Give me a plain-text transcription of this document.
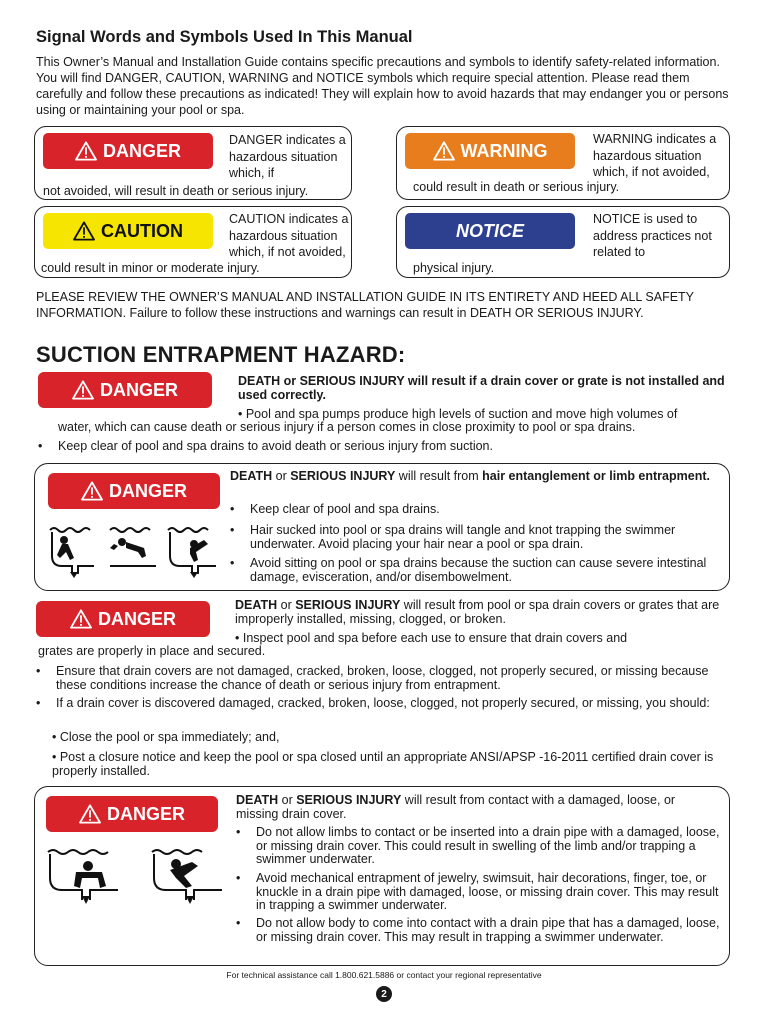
Signal Words and Symbols Used In This Manual
This Owner’s Manual and Installation Guide contains specific precautions and symbols to identify safety-related information. You will find DANGER, CAUTION, WARNING and NOTICE symbols which require special attention. Please read them carefully and follow these precautions as indicated! They will explain how to avoid hazards that may endanger you or persons using or maintaining your pool or spa.
DANGER
DANGER indicates a hazardous situation which, if
not avoided, will result in death or serious injury.
WARNING
WARNING indicates a hazardous situation which, if not avoided,
could result in death or serious injury.
CAUTION
CAUTION indicates a hazardous situation which, if not avoided,
could result in minor or moderate injury.
NOTICE
NOTICE is used to address practices not related to
physical injury.
PLEASE REVIEW THE OWNER’S MANUAL AND INSTALLATION GUIDE IN ITS ENTIRETY AND HEED ALL SAFETY INFORMATION. Failure to follow these instructions and warnings can result in DEATH OR SERIOUS INJURY.
SUCTION ENTRAPMENT HAZARD:
DANGER	DEATH or SERIOUS INJURY will result if a drain cover or grate is not installed and used correctly.
• Pool and spa pumps produce high levels of suction and move high volumes of
water, which can cause death or serious injury if a person comes in close proximity to pool or spa drains.
•	Keep clear of pool and spa drains to avoid death or serious injury from suction.
DANGER
DEATH or SERIOUS INJURY will result from hair entanglement or limb entrapment.
•	Keep clear of pool and spa drains.
•	Hair sucked into pool or spa drains will tangle and knot trapping the swimmer underwater. Avoid placing your hair near a pool or spa drain.
•	Avoid sitting on pool or spa drains because the suction can cause severe intestinal damage, evisceration, and/or disembowelment.
DANGER
DEATH or SERIOUS INJURY will result from pool or spa drain covers or grates that are improperly installed, missing, clogged, or broken.
• Inspect pool and spa before each use to ensure that drain covers and
grates are properly in place and secured.
•	Ensure that drain covers are not damaged, cracked, broken, loose, clogged, not properly secured, or missing because these conditions increase the chance of death or serious injury from entrapment.
•	If a drain cover is discovered damaged, cracked, broken, loose, clogged, not properly secured, or missing, you should:
• Close the pool or spa immediately; and,
• Post a closure notice and keep the pool or spa closed until an appropriate ANSI/APSP -16-2011 certified drain cover is properly installed.
DANGER
DEATH or SERIOUS INJURY will result from contact with a damaged, loose, or missing drain cover.
•	Do not allow limbs to contact or be inserted into a drain pipe with a damaged, loose, or missing drain cover. This could result in swelling of the limb and/or trapping a swimmer underwater.
•	Avoid mechanical entrapment of jewelry, swimsuit, hair decorations, finger, toe, or knuckle in a drain pipe with damaged, loose, or missing drain cover. This may result in trapping a swimmer underwater.
•	Do not allow body to come into contact with a drain pipe that has a damaged, loose, or missing drain cover. This may result in trapping a swimmer underwater.
For technical assistance call 1.800.621.5886 or contact your regional representative
2
